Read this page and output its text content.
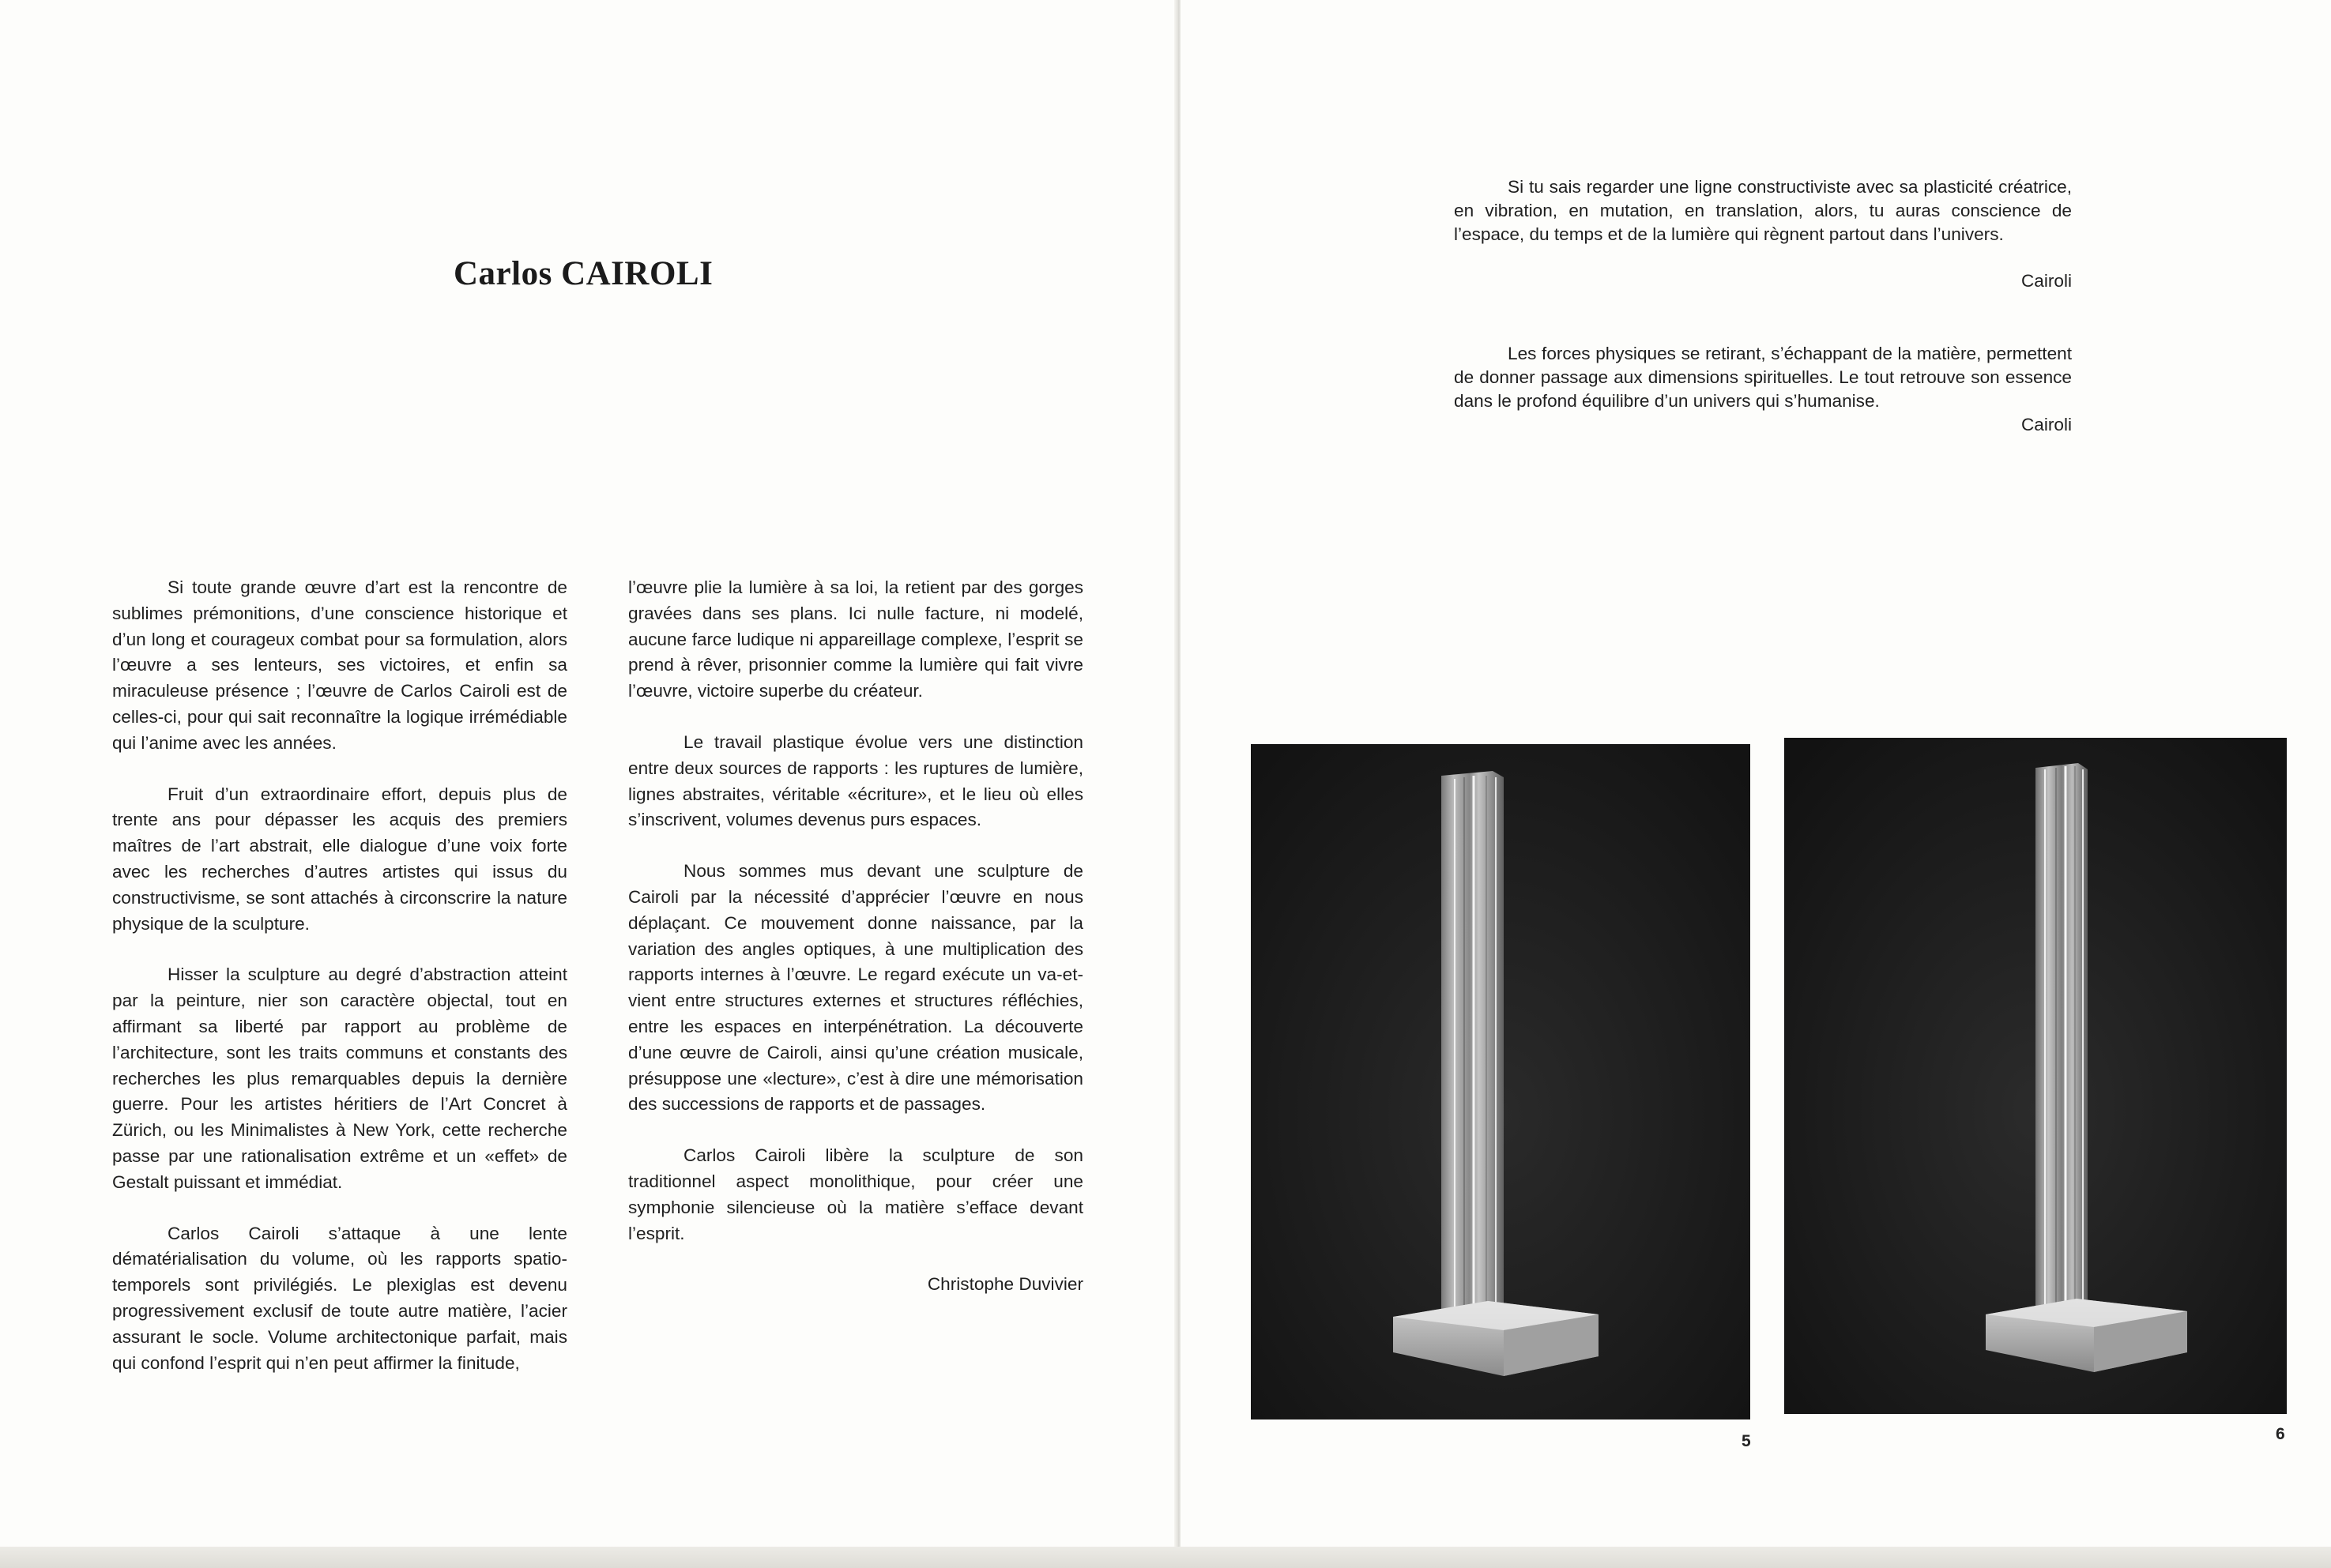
Carlos CAIROLI

Si toute grande œuvre d’art est la rencontre de sublimes prémonitions, d’une conscience historique et d’un long et courageux combat pour sa formulation, alors l’œuvre a ses lenteurs, ses victoires, et enfin sa miraculeuse présence ; l’œuvre de Carlos Cairoli est de celles-ci, pour qui sait reconnaître la logique irrémédiable qui l’anime avec les années.

Fruit d’un extraordinaire effort, depuis plus de trente ans pour dépasser les acquis des premiers maîtres de l’art abstrait, elle dialogue d’une voix forte avec les recherches d’autres artistes qui issus du constructivisme, se sont attachés à circonscrire la nature physique de la sculpture.

Hisser la sculpture au degré d’abstraction atteint par la peinture, nier son caractère objectal, tout en affirmant sa liberté par rapport au problème de l’architecture, sont les traits communs et constants des recherches les plus remarquables depuis la dernière guerre. Pour les artistes héritiers de l’Art Concret à Zürich, ou les Minimalistes à New York, cette recherche passe par une rationalisation extrême et un «effet» de Gestalt puissant et immédiat.

Carlos Cairoli s’attaque à une lente dématérialisation du volume, où les rapports spatio-temporels sont privilégiés. Le plexiglas est devenu progressivement exclusif de toute autre matière, l’acier assurant le socle. Volume architectonique parfait, mais qui confond l’esprit qui n’en peut affirmer la finitude,

l’œuvre plie la lumière à sa loi, la retient par des gorges gravées dans ses plans. Ici nulle facture, ni modelé, aucune farce ludique ni appareillage complexe, l’esprit se prend à rêver, prisonnier comme la lumière qui fait vivre l’œuvre, victoire superbe du créateur.

Le travail plastique évolue vers une distinction entre deux sources de rapports : les ruptures de lumière, lignes abstraites, véritable «écriture», et le lieu où elles s’inscrivent, volumes devenus purs espaces.

Nous sommes mus devant une sculpture de Cairoli par la nécessité d’apprécier l’œuvre en nous déplaçant. Ce mouvement donne naissance, par la variation des angles optiques, à une multiplication des rapports internes à l’œuvre. Le regard exécute un va-et-vient entre structures externes et structures réfléchies, entre les espaces en interpénétration. La découverte d’une œuvre de Cairoli, ainsi qu’une création musicale, présuppose une «lecture», c’est à dire une mémorisation des successions de rapports et de passages.

Carlos Cairoli libère la sculpture de son traditionnel aspect monolithique, pour créer une symphonie silencieuse où la matière s’efface devant l’esprit.

Christophe Duvivier

Si tu sais regarder une ligne constructiviste avec sa plasticité créatrice, en vibration, en mutation, en translation, alors, tu auras conscience de l’espace, du temps et de la lumière qui règnent partout dans l’univers.

Cairoli

Les forces physiques se retirant, s’échappant de la matière, permettent de donner passage aux dimensions spirituelles. Le tout retrouve son essence dans le profond équilibre d’un univers qui s’humanise.

Cairoli

5	6
